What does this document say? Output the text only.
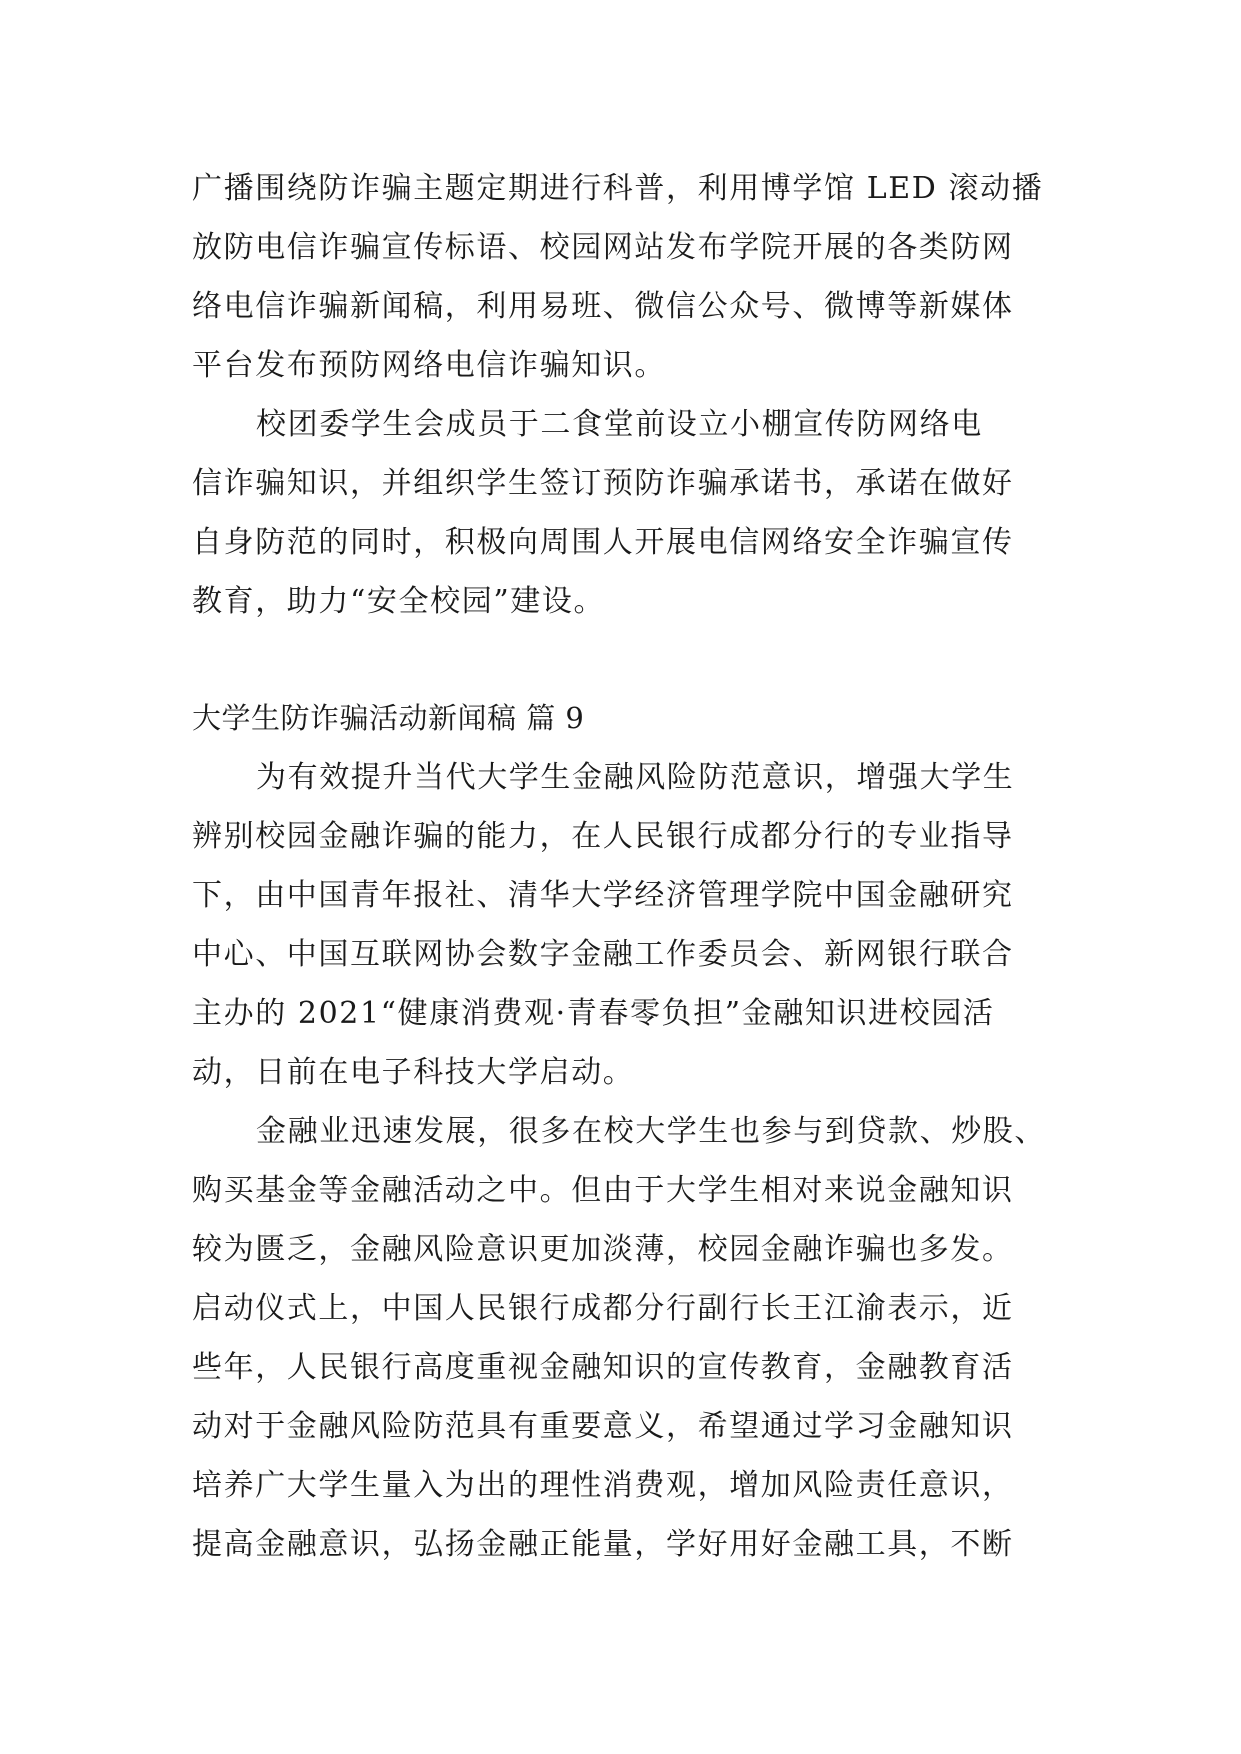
广播围绕防诈骗主题定期进行科普，利用博学馆 LED 滚动播
放防电信诈骗宣传标语、校园网站发布学院开展的各类防网
络电信诈骗新闻稿，利用易班、微信公众号、微博等新媒体
平台发布预防网络电信诈骗知识。
校团委学生会成员于二食堂前设立小棚宣传防网络电
信诈骗知识，并组织学生签订预防诈骗承诺书，承诺在做好
自身防范的同时，积极向周围人开展电信网络安全诈骗宣传
教育，助力“安全校园”建设。
大学生防诈骗活动新闻稿 篇 9
为有效提升当代大学生金融风险防范意识，增强大学生
辨别校园金融诈骗的能力，在人民银行成都分行的专业指导
下，由中国青年报社、清华大学经济管理学院中国金融研究
中心、中国互联网协会数字金融工作委员会、新网银行联合
主办的 2021“健康消费观·青春零负担”金融知识进校园活
动，日前在电子科技大学启动。
金融业迅速发展，很多在校大学生也参与到贷款、炒股、
购买基金等金融活动之中。但由于大学生相对来说金融知识
较为匮乏，金融风险意识更加淡薄，校园金融诈骗也多发。
启动仪式上，中国人民银行成都分行副行长王江渝表示，近
些年，人民银行高度重视金融知识的宣传教育，金融教育活
动对于金融风险防范具有重要意义，希望通过学习金融知识
培养广大学生量入为出的理性消费观，增加风险责任意识，
提高金融意识，弘扬金融正能量，学好用好金融工具，不断
